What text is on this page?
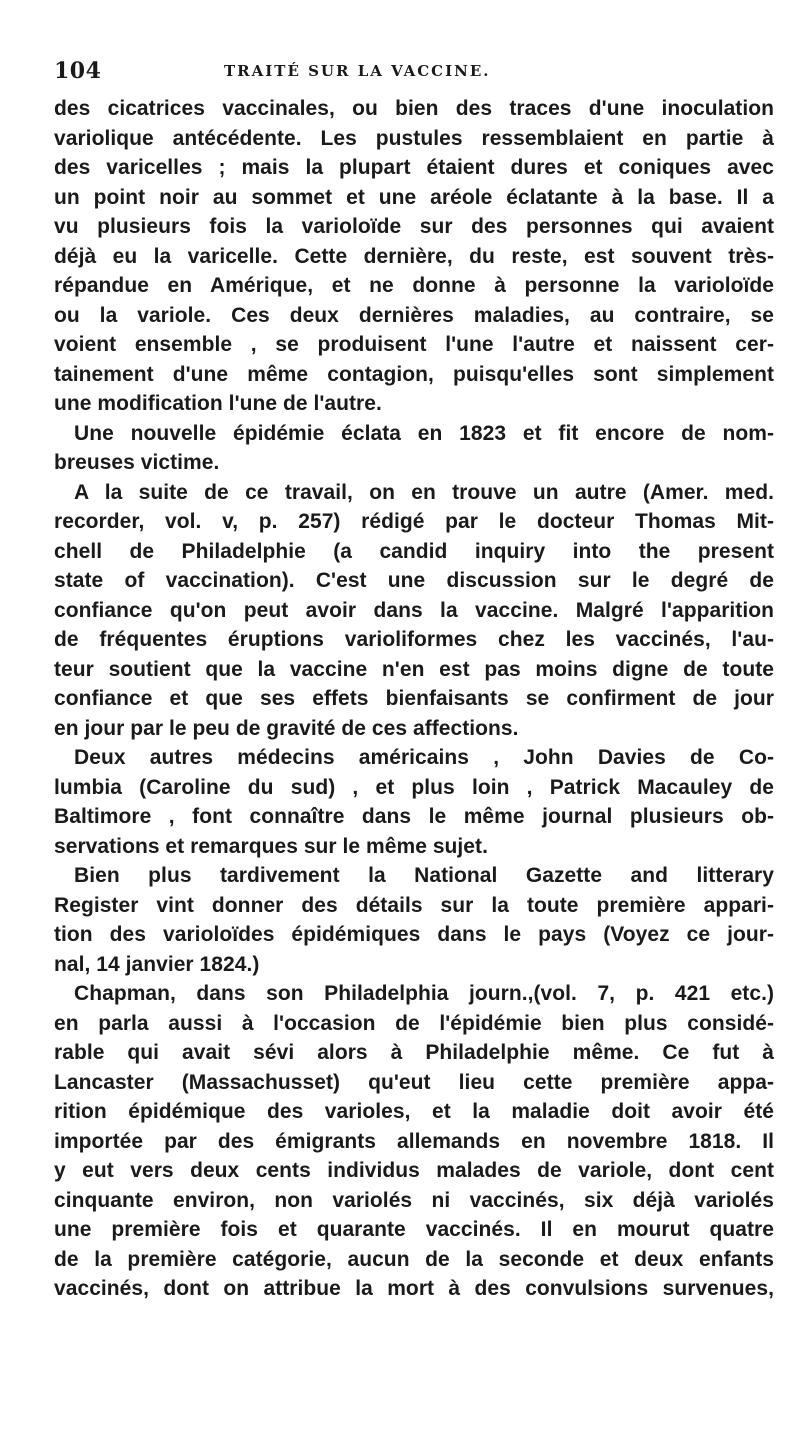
104	TRAITÉ SUR LA VACCINE.
des cicatrices vaccinales, ou bien des traces d'une inoculation
variolique antécédente. Les pustules ressemblaient en partie à
des varicelles ; mais la plupart étaient dures et coniques avec
un point noir au sommet et une aréole éclatante à la base. Il a
vu plusieurs fois la varioloïde sur des personnes qui avaient
déjà eu la varicelle. Cette dernière, du reste, est souvent très-
répandue en Amérique, et ne donne à personne la varioloïde
ou la variole. Ces deux dernières maladies, au contraire, se
voient ensemble , se produisent l'une l'autre et naissent cer-
tainement d'une même contagion, puisqu'elles sont simplement
une modification l'une de l'autre.
Une nouvelle épidémie éclata en 1823 et fit encore de nom-
breuses victime.
A la suite de ce travail, on en trouve un autre (Amer. med.
recorder, vol. v, p. 257) rédigé par le docteur Thomas Mit-
chell de Philadelphie (a candid inquiry into the present
state of vaccination). C'est une discussion sur le degré de
confiance qu'on peut avoir dans la vaccine. Malgré l'apparition
de fréquentes éruptions varioliformes chez les vaccinés, l'au-
teur soutient que la vaccine n'en est pas moins digne de toute
confiance et que ses effets bienfaisants se confirment de jour
en jour par le peu de gravité de ces affections.
Deux autres médecins américains , John Davies de Co-
lumbia (Caroline du sud) , et plus loin , Patrick Macauley de
Baltimore , font connaître dans le même journal plusieurs ob-
servations et remarques sur le même sujet.
Bien plus tardivement la National Gazette and litterary
Register vint donner des détails sur la toute première appari-
tion des varioloïdes épidémiques dans le pays (Voyez ce jour-
nal, 14 janvier 1824.)
Chapman, dans son Philadelphia journ.,(vol. 7, p. 421 etc.)
en parla aussi à l'occasion de l'épidémie bien plus considé-
rable qui avait sévi alors à Philadelphie même. Ce fut à
Lancaster (Massachusset) qu'eut lieu cette première appa-
rition épidémique des varioles, et la maladie doit avoir été
importée par des émigrants allemands en novembre 1818. Il
y eut vers deux cents individus malades de variole, dont cent
cinquante environ, non variolés ni vaccinés, six déjà variolés
une première fois et quarante vaccinés. Il en mourut quatre
de la première catégorie, aucun de la seconde et deux enfants
vaccinés, dont on attribue la mort à des convulsions survenues,
